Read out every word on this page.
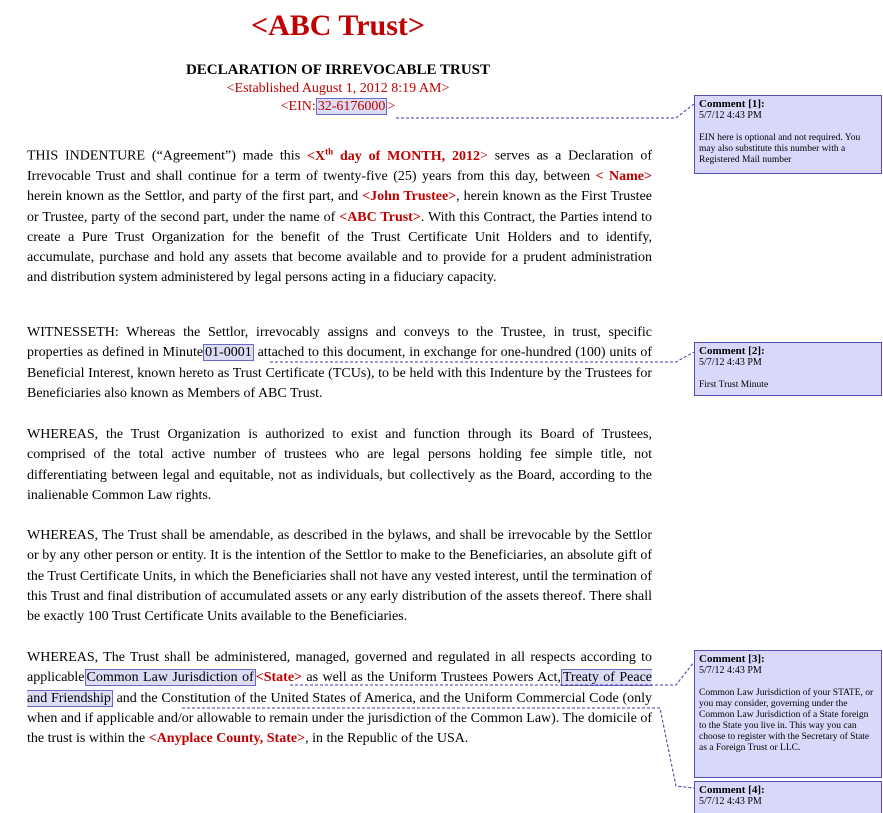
<ABC Trust>
DECLARATION OF IRREVOCABLE TRUST
<Established August 1, 2012 8:19 AM>
<EIN: 32-6176000 >

THIS INDENTURE (“Agreement”) made this <Xth day of MONTH, 2012> serves as a Declaration of Irrevocable Trust and shall continue for a term of twenty-five (25) years from this day, between < Name> herein known as the Settlor, and party of the first part, and <John Trustee>, herein known as the First Trustee or Trustee, party of the second part, under the name of <ABC Trust>. With this Contract, the Parties intend to create a Pure Trust Organization for the benefit of the Trust Certificate Unit Holders and to identify, accumulate, purchase and hold any assets that become available and to provide for a prudent administration and distribution system administered by legal persons acting in a fiduciary capacity.

WITNESSETH: Whereas the Settlor, irrevocably assigns and conveys to the Trustee, in trust, specific properties as defined in Minute 01-0001 attached to this document, in exchange for one-hundred (100) units of Beneficial Interest, known hereto as Trust Certificate (TCUs), to be held with this Indenture by the Trustees for Beneficiaries also known as Members of ABC Trust.

WHEREAS, the Trust Organization is authorized to exist and function through its Board of Trustees, comprised of the total active number of trustees who are legal persons holding fee simple title, not differentiating between legal and equitable, not as individuals, but collectively as the Board, according to the inalienable Common Law rights.

WHEREAS, The Trust shall be amendable, as described in the bylaws, and shall be irrevocable by the Settlor or by any other person or entity. It is the intention of the Settlor to make to the Beneficiaries, an absolute gift of the Trust Certificate Units, in which the Beneficiaries shall not have any vested interest, until the termination of this Trust and final distribution of accumulated assets or any early distribution of the assets thereof. There shall be exactly 100 Trust Certificate Units available to the Beneficiaries.

WHEREAS, The Trust shall be administered, managed, governed and regulated in all respects according to applicable Common Law Jurisdiction of <State> as well as the Uniform Trustees Powers Act, Treaty of Peace and Friendship and the Constitution of the United States of America, and the Uniform Commercial Code (only when and if applicable and/or allowable to remain under the jurisdiction of the Common Law). The domicile of the trust is within the <Anyplace County, State>, in the Republic of the USA.

Comment [1]:
5/7/12 4:43 PM
EIN here is optional and not required. You may also substitute this number with a Registered Mail number
Comment [2]:
5/7/12 4:43 PM
First Trust Minute
Comment [3]:
5/7/12 4:43 PM
Common Law Jurisdiction of your STATE, or you may consider, governing under the Common Law Jurisdiction of a State foreign to the State you live in. This way you can choose to register with the Secretary of State as a Foreign Trust or LLC.
Comment [4]:
5/7/12 4:43 PM
